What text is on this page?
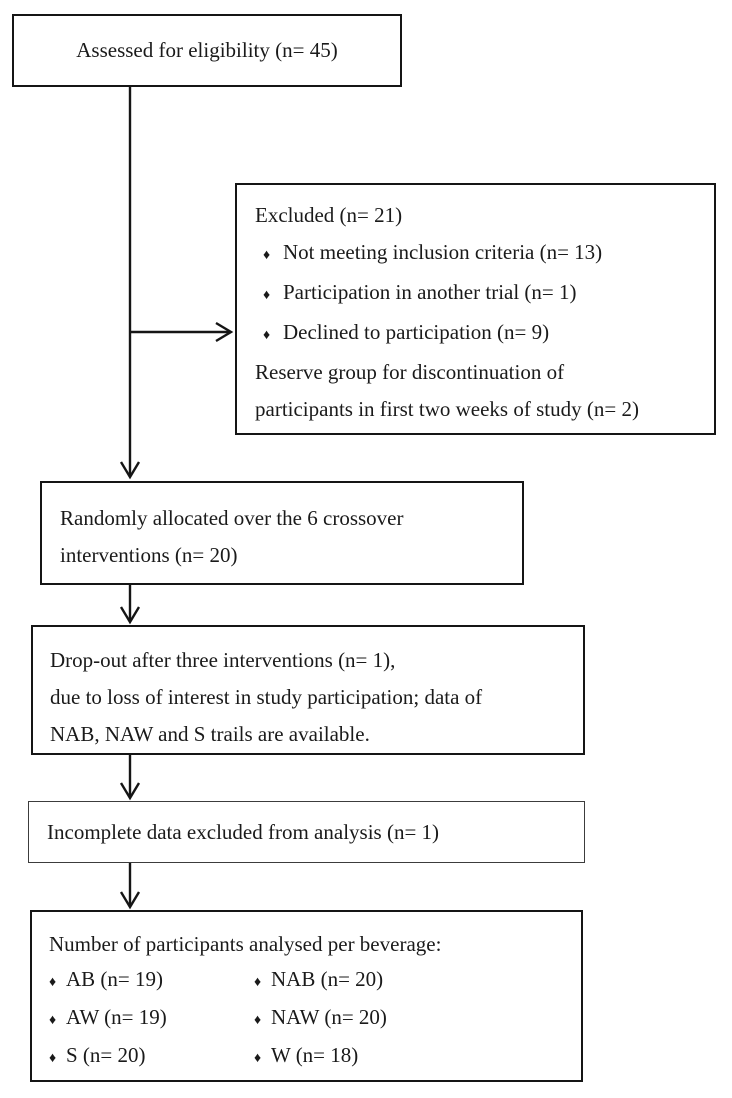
Assessed for eligibility (n= 45)
Excluded (n= 21)
♦ Not meeting inclusion criteria (n= 13)
♦ Participation in another trial (n= 1)
♦ Declined to participation (n= 9)
Reserve group for discontinuation of
participants in first two weeks of study (n= 2)
Randomly allocated over the 6 crossover
interventions (n= 20)
Drop-out after three interventions (n= 1),
due to loss of interest in study participation; data of
NAB, NAW and S trails are available.
Incomplete data excluded from analysis (n= 1)
Number of participants analysed per beverage:
♦ AB (n= 19)	♦ NAB (n= 20)
♦ AW (n= 19)	♦ NAW (n= 20)
♦ S (n= 20)	♦ W (n= 18)
